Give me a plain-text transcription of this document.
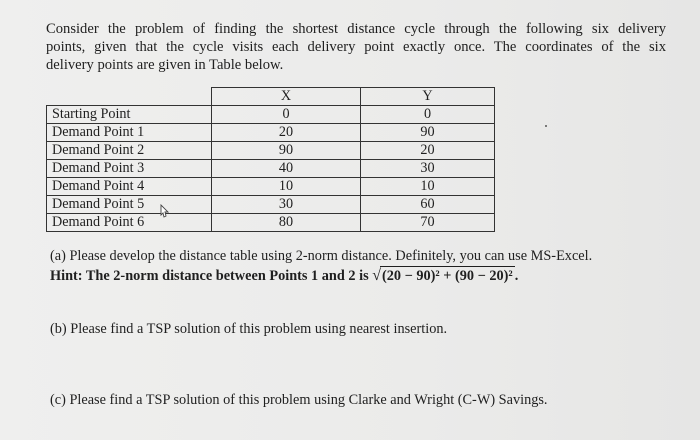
Consider the problem of finding the shortest distance cycle through the following six delivery
points, given that the cycle visits each delivery point exactly once. The coordinates of the six
delivery points are given in Table below.
	X	Y
Starting Point	0	0
Demand Point 1	20	90
Demand Point 2	90	20
Demand Point 3	40	30
Demand Point 4	10	10
Demand Point 5	30	60
Demand Point 6	80	70
(a) Please develop the distance table using 2-norm distance. Definitely, you can use MS-Excel.
Hint: The 2-norm distance between Points 1 and 2 is √ (20 − 90)² + (90 − 20)² .
(b) Please find a TSP solution of this problem using nearest insertion.
(c) Please find a TSP solution of this problem using Clarke and Wright (C-W) Savings.
